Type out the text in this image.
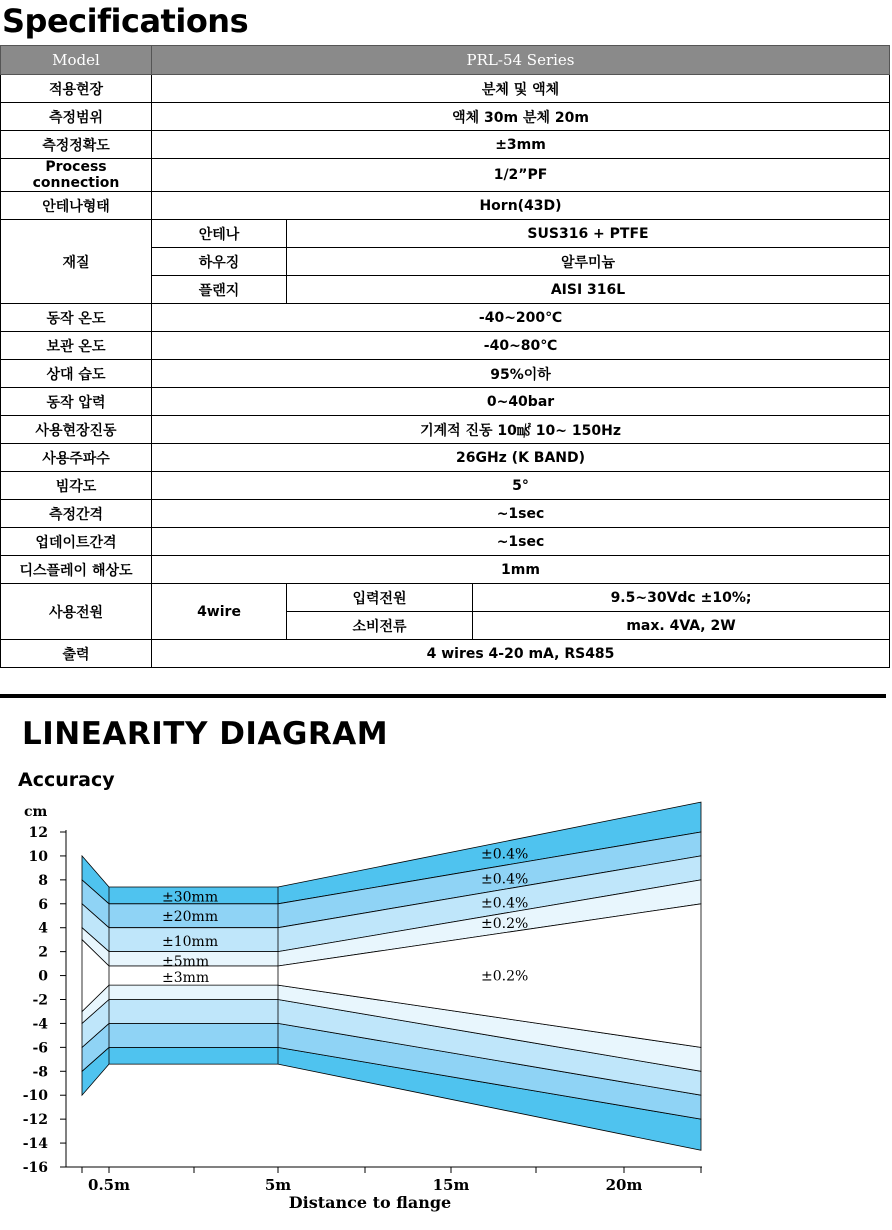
Specifications
Model	PRL-54 Series		
적용현장	분체 및 액체		
측정범위	액체 30m 분체 20m		
측정정확도	±3mm		
Process connection	1/2”PF		
안테나형태	Horn(43D)		
재질	안테나	SUS316 + PTFE	
	하우징	알루미늄	
	플랜지	AISI 316L	
동작 온도	-40~200℃		
보관 온도	-40~80℃		
상대 습도	95%이하		
동작 압력	0~40bar		
사용현장진동	기계적 진동 10㎨ 10~ 150Hz		
사용주파수	26GHz (K BAND)		
빔각도	5°		
측정간격	~1sec		
업데이트간격	~1sec		
디스플레이 해상도	1mm		
사용전원	4wire	입력전원	9.5~30Vdc ±10%;
		소비전류	max. 4VA, 2W
출력	4 wires 4-20 mA, RS485		
LINEARITY DIAGRAM
Accuracy
12
10
8
6
4
2
0
-2
-4
-6
-8
-10
-12
-14
-16
0.5m	5m	15m	20m
±30mm
±20mm
±10mm
±5mm
±3mm
±0.4%
±0.4%
±0.4%
±0.2%
±0.2%
cm
Distance to flange
